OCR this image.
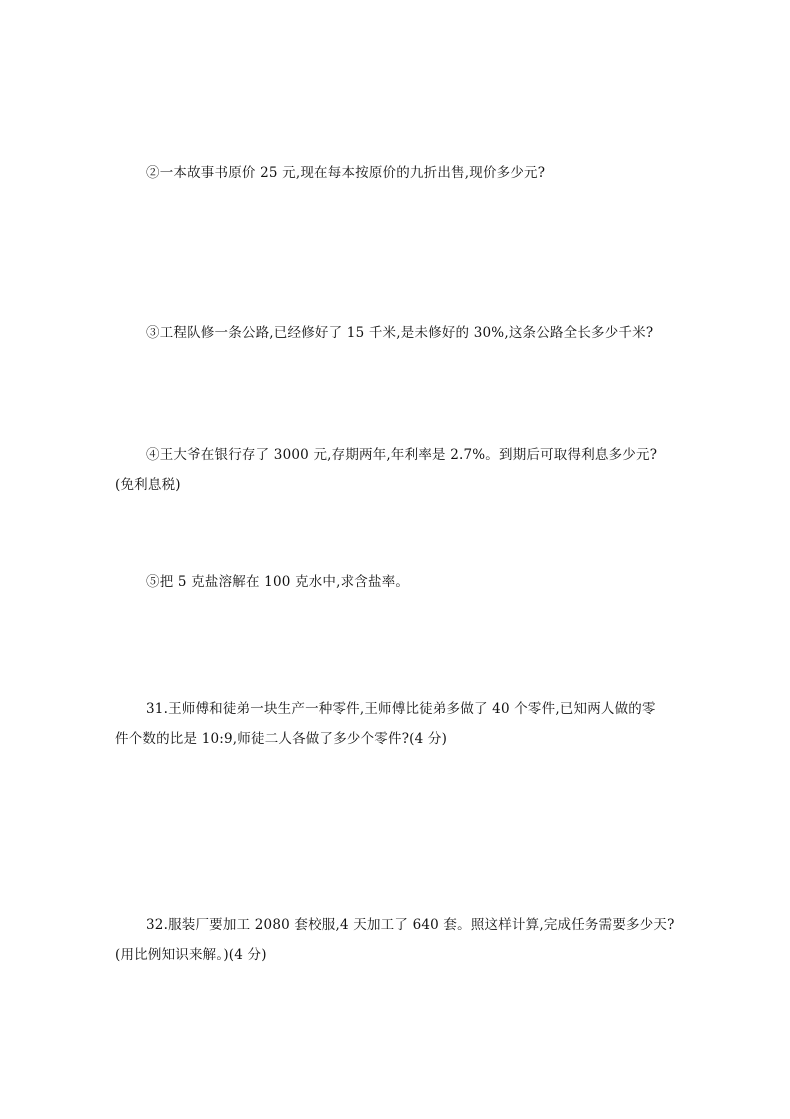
②一本故事书原价 25 元,现在每本按原价的九折出售,现价多少元?

③工程队修一条公路,已经修好了 15 千米,是未修好的 30%,这条公路全长多少千米?

④王大爷在银行存了 3000 元,存期两年,年利率是 2.7%。到期后可取得利息多少元?
(免利息税)

⑤把 5 克盐溶解在 100 克水中,求含盐率。

31.王师傅和徒弟一块生产一种零件,王师傅比徒弟多做了 40 个零件,已知两人做的零
件个数的比是 10:9,师徒二人各做了多少个零件?(4 分)

32.服装厂要加工 2080 套校服,4 天加工了 640 套。照这样计算,完成任务需要多少天?
(用比例知识来解。)(4 分)
